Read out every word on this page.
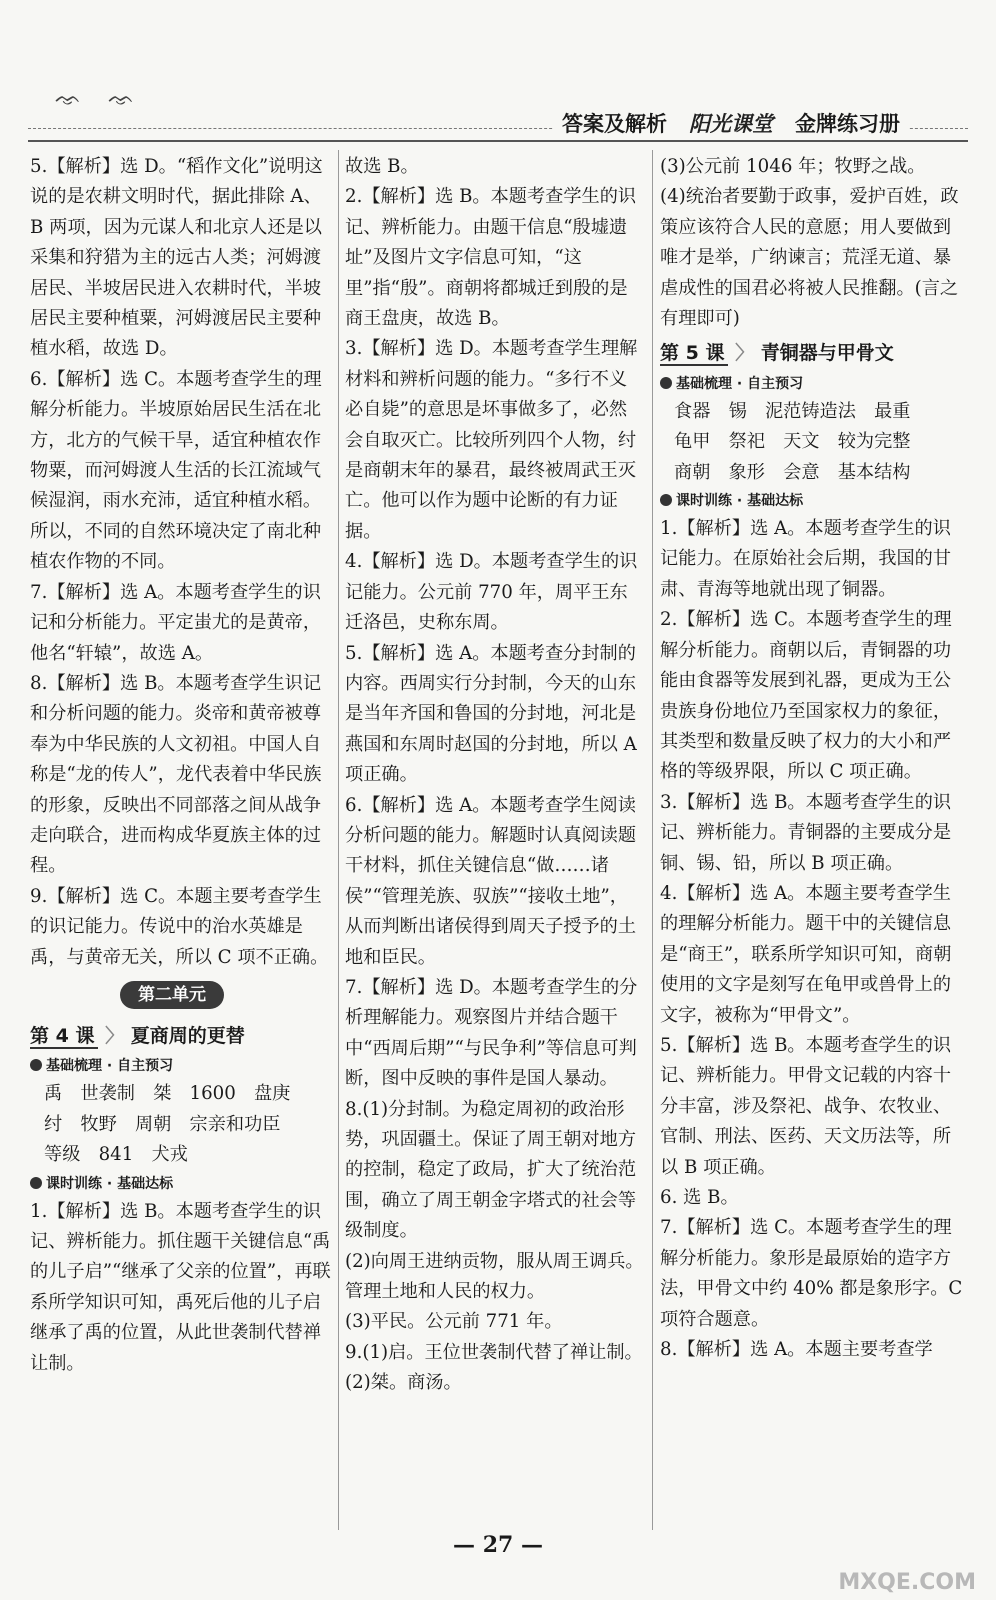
ᨎ ᨎ
答案及解析 阳光课堂 金牌练习册

5.【解析】选 D。“稻作文化”说明这说的是农耕文明时代，据此排除 A、B 两项，因为元谋人和北京人还是以采集和狩猎为主的远古人类；河姆渡居民、半坡居民进入农耕时代，半坡居民主要种植粟，河姆渡居民主要种植水稻，故选 D。

6.【解析】选 C。本题考查学生的理解分析能力。半坡原始居民生活在北方，北方的气候干旱，适宜种植农作物粟，而河姆渡人生活的长江流域气候湿润，雨水充沛，适宜种植水稻。所以，不同的自然环境决定了南北种植农作物的不同。

7.【解析】选 A。本题考查学生的识记和分析能力。平定蚩尤的是黄帝，他名“轩辕”，故选 A。

8.【解析】选 B。本题考查学生识记和分析问题的能力。炎帝和黄帝被尊奉为中华民族的人文初祖。中国人自称是“龙的传人”，龙代表着中华民族的形象，反映出不同部落之间从战争走向联合，进而构成华夏族主体的过程。

9.【解析】选 C。本题主要考查学生的识记能力。传说中的治水英雄是禹，与黄帝无关，所以 C 项不正确。

第二单元
第 4 课 〉 夏商周的更替
基础梳理 · 自主预习
禹　世袭制　桀　1600　盘庚
纣　牧野　周朝　宗亲和功臣
等级　841　犬戎
课时训练 · 基础达标

1.【解析】选 B。本题考查学生的识记、辨析能力。抓住题干关键信息“禹的儿子启”“继承了父亲的位置”，再联系所学知识可知，禹死后他的儿子启继承了禹的位置，从此世袭制代替禅让制。

故选 B。

2.【解析】选 B。本题考查学生的识记、辨析能力。由题干信息“殷墟遗址”及图片文字信息可知，“这里”指“殷”。商朝将都城迁到殷的是商王盘庚，故选 B。

3.【解析】选 D。本题考查学生理解材料和辨析问题的能力。“多行不义必自毙”的意思是坏事做多了，必然会自取灭亡。比较所列四个人物，纣是商朝末年的暴君，最终被周武王灭亡。他可以作为题中论断的有力证据。

4.【解析】选 D。本题考查学生的识记能力。公元前 770 年，周平王东迁洛邑，史称东周。

5.【解析】选 A。本题考查分封制的内容。西周实行分封制，今天的山东是当年齐国和鲁国的分封地，河北是燕国和东周时赵国的分封地，所以 A 项正确。

6.【解析】选 A。本题考查学生阅读分析问题的能力。解题时认真阅读题干材料，抓住关键信息“做……诸侯”“管理羌族、驭族”“接收土地”，从而判断出诸侯得到周天子授予的土地和臣民。

7.【解析】选 D。本题考查学生的分析理解能力。观察图片并结合题干中“西周后期”“与民争利”等信息可判断，图中反映的事件是国人暴动。

8.(1)分封制。为稳定周初的政治形势，巩固疆土。保证了周王朝对地方的控制，稳定了政局，扩大了统治范围，确立了周王朝金字塔式的社会等级制度。

(2)向周王进纳贡物，服从周王调兵。管理土地和人民的权力。

(3)平民。公元前 771 年。

9.(1)启。王位世袭制代替了禅让制。

(2)桀。商汤。

(3)公元前 1046 年；牧野之战。

(4)统治者要勤于政事，爱护百姓，政策应该符合人民的意愿；用人要做到唯才是举，广纳谏言；荒淫无道、暴虐成性的国君必将被人民推翻。(言之有理即可)

第 5 课 〉 青铜器与甲骨文
基础梳理 · 自主预习
食器　锡　泥范铸造法　最重
龟甲　祭祀　天文　较为完整
商朝　象形　会意　基本结构
课时训练 · 基础达标

1.【解析】选 A。本题考查学生的识记能力。在原始社会后期，我国的甘肃、青海等地就出现了铜器。

2.【解析】选 C。本题考查学生的理解分析能力。商朝以后，青铜器的功能由食器等发展到礼器，更成为王公贵族身份地位乃至国家权力的象征，其类型和数量反映了权力的大小和严格的等级界限，所以 C 项正确。

3.【解析】选 B。本题考查学生的识记、辨析能力。青铜器的主要成分是铜、锡、铅，所以 B 项正确。

4.【解析】选 A。本题主要考查学生的理解分析能力。题干中的关键信息是“商王”，联系所学知识可知，商朝使用的文字是刻写在龟甲或兽骨上的文字，被称为“甲骨文”。

5.【解析】选 B。本题考查学生的识记、辨析能力。甲骨文记载的内容十分丰富，涉及祭祀、战争、农牧业、官制、刑法、医药、天文历法等，所以 B 项正确。

6. 选 B。

7.【解析】选 C。本题考查学生的理解分析能力。象形是最原始的造字方法，甲骨文中约 40% 都是象形字。C 项符合题意。

8.【解析】选 A。本题主要考查学

— 27 —
MXQE.COM
